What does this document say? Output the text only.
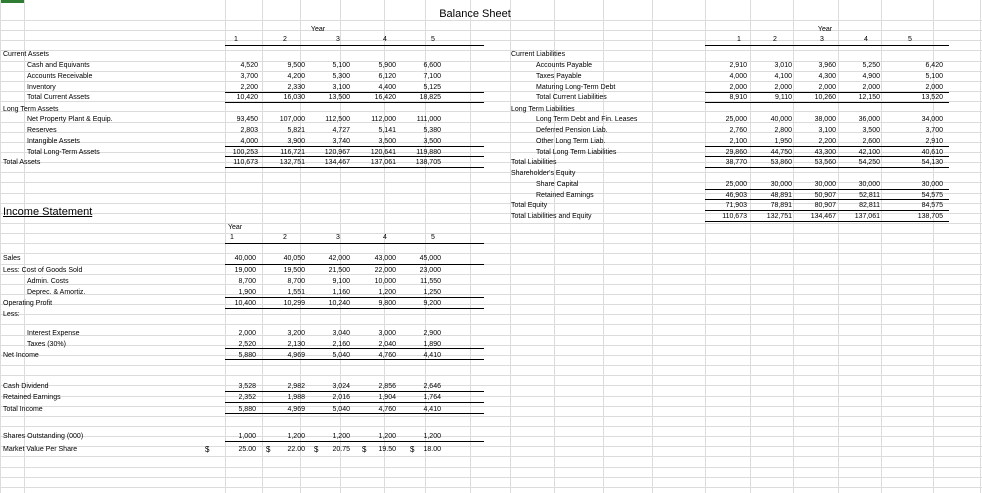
Balance Sheet
Year	Year
Income Statement
Year
1	2	3	4	5
Current Assets
Cash and Equivants	4,520	9,500	5,100	5,900	6,600
Accounts Receivable	3,700	4,200	5,300	6,120	7,100
Inventory	2,200	2,330	3,100	4,400	5,125
Total Current Assets	10,420	16,030	13,500	16,420	18,825
Long Term Assets
Net Property Plant & Equip.	93,450	107,000	112,500	112,000	111,000
Reserves	2,803	5,821	4,727	5,141	5,380
Intangible Assets	4,000	3,900	3,740	3,500	3,500
Total Long-Term Assets	100,253	116,721	120,967	120,641	119,880
Total Assets	110,673	132,751	134,467	137,061	138,705
1	2	3	4	5
Current Liabilities
Accounts Payable	2,910	3,010	3,960	5,250	6,420
Taxes Payable	4,000	4,100	4,300	4,900	5,100
Maturing Long-Term Debt	2,000	2,000	2,000	2,000	2,000
Total Current Liabilities	8,910	9,110	10,260	12,150	13,520
Long Term Liabilities
Long Term Debt and Fin. Leases	25,000	40,000	38,000	36,000	34,000
Deferred Pension Liab.	2,760	2,800	3,100	3,500	3,700
Other Long Term Liab.	2,100	1,950	2,200	2,600	2,910
Total Long Term Liabilities	29,860	44,750	43,300	42,100	40,610
Total Liabilities	38,770	53,860	53,560	54,250	54,130
Shareholder's Equity
Share Capital	25,000	30,000	30,000	30,000	30,000
Retained Earnings	46,903	48,891	50,907	52,811	54,575
Total Equity	71,903	78,891	80,907	82,811	84,575
Total Liabilities and Equity	110,673	132,751	134,467	137,061	138,705
1	2	3	4	5
Sales	40,000	40,050	42,000	43,000	45,000
Less: Cost of Goods Sold	19,000	19,500	21,500	22,000	23,000
Admin. Costs	8,700	8,700	9,100	10,000	11,550
Deprec. & Amortiz.	1,900	1,551	1,160	1,200	1,250
Operating Profit	10,400	10,299	10,240	9,800	9,200
Less:
Interest Expense	2,000	3,200	3,040	3,000	2,900
Taxes (30%)	2,520	2,130	2,160	2,040	1,890
Net Income	5,880	4,969	5,040	4,760	4,410
Cash Dividend	3,528	2,982	3,024	2,856	2,646
Retained Earnings	2,352	1,988	2,016	1,904	1,764
Total Income	5,880	4,969	5,040	4,760	4,410
Shares Outstanding (000)	1,000	1,200	1,200	1,200	1,200
Market Value Per Share	25.00	22.00	20.75	19.50	18.00
$	$	$	$	$
